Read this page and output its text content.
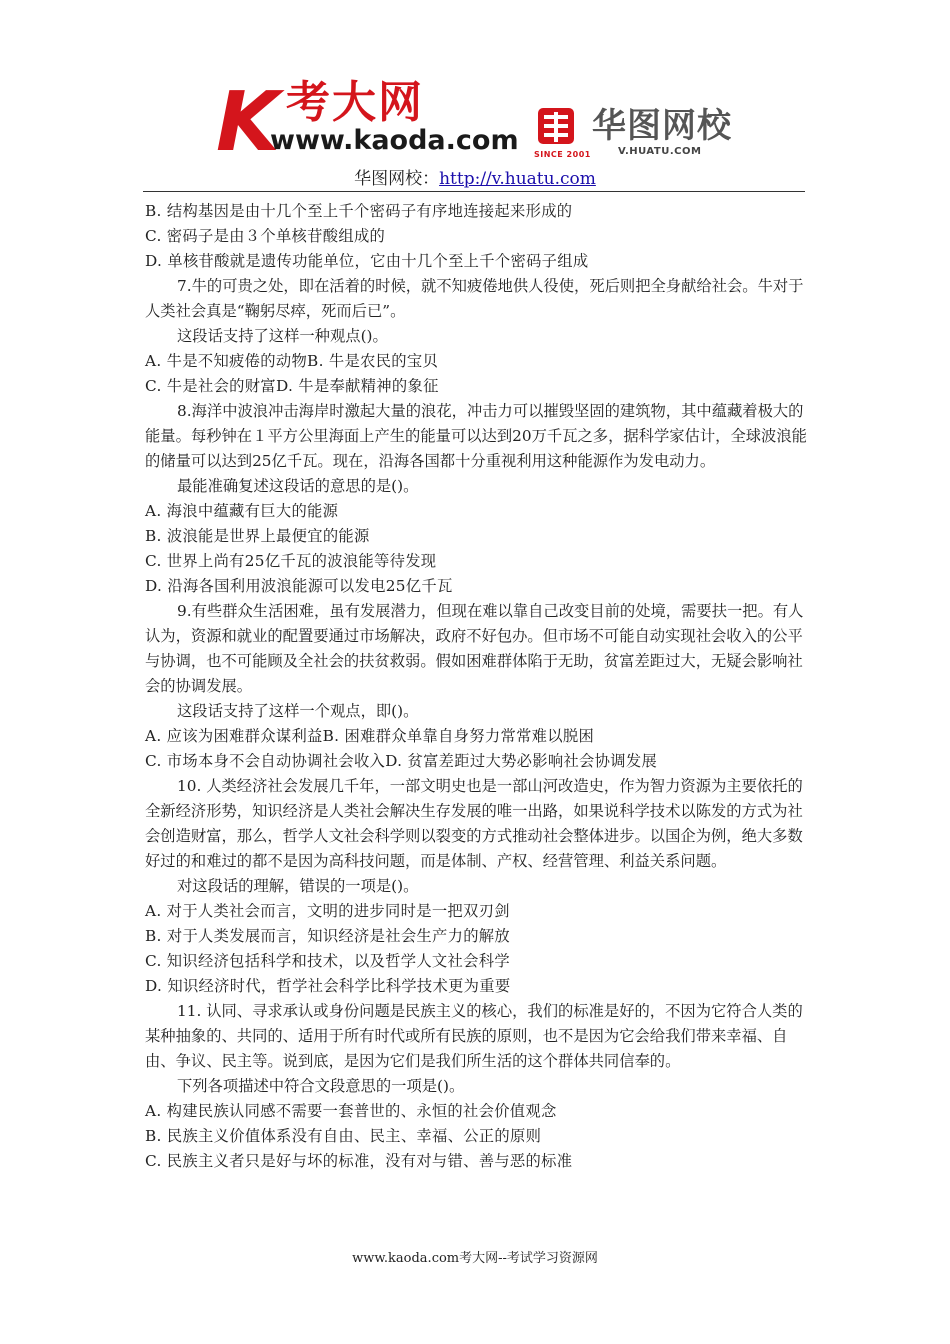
K 考大网
www.kaoda.com SINCE 2001
华图网校
V.HUATU.COM
华图网校：http://v.huatu.com

B. 结构基因是由十几个至上千个密码子有序地连接起来形成的

C. 密码子是由３个单核苷酸组成的

D. 单核苷酸就是遗传功能单位，它由十几个至上千个密码子组成

7.牛的可贵之处，即在活着的时候，就不知疲倦地供人役使，死后则把全身献给社会。牛对于人类社会真是“鞠躬尽瘁，死而后已”。

这段话支持了这样一种观点()。

A. 牛是不知疲倦的动物B. 牛是农民的宝贝

C. 牛是社会的财富D. 牛是奉献精神的象征

8.海洋中波浪冲击海岸时激起大量的浪花，冲击力可以摧毁坚固的建筑物，其中蕴藏着极大的能量。每秒钟在１平方公里海面上产生的能量可以达到20万千瓦之多，据科学家估计，全球波浪能的储量可以达到25亿千瓦。现在，沿海各国都十分重视利用这种能源作为发电动力。

最能准确复述这段话的意思的是()。

A. 海浪中蕴藏有巨大的能源

B. 波浪能是世界上最便宜的能源

C. 世界上尚有25亿千瓦的波浪能等待发现

D. 沿海各国利用波浪能源可以发电25亿千瓦

9.有些群众生活困难，虽有发展潜力，但现在难以靠自己改变目前的处境，需要扶一把。有人认为，资源和就业的配置要通过市场解决，政府不好包办。但市场不可能自动实现社会收入的公平与协调，也不可能顾及全社会的扶贫救弱。假如困难群体陷于无助，贫富差距过大，无疑会影响社会的协调发展。

这段话支持了这样一个观点，即()。

A. 应该为困难群众谋利益B. 困难群众单靠自身努力常常难以脱困

C. 市场本身不会自动协调社会收入D. 贫富差距过大势必影响社会协调发展

10. 人类经济社会发展几千年，一部文明史也是一部山河改造史，作为智力资源为主要依托的全新经济形势，知识经济是人类社会解决生存发展的唯一出路，如果说科学技术以陈发的方式为社会创造财富，那么，哲学人文社会科学则以裂变的方式推动社会整体进步。以国企为例，绝大多数好过的和难过的都不是因为高科技问题，而是体制、产权、经营管理、利益关系问题。

对这段话的理解，错误的一项是()。

A. 对于人类社会而言，文明的进步同时是一把双刃剑

B. 对于人类发展而言，知识经济是社会生产力的解放

C. 知识经济包括科学和技术，以及哲学人文社会科学

D. 知识经济时代，哲学社会科学比科学技术更为重要

11. 认同、寻求承认或身份问题是民族主义的核心，我们的标准是好的，不因为它符合人类的某种抽象的、共同的、适用于所有时代或所有民族的原则，也不是因为它会给我们带来幸福、自由、争议、民主等。说到底，是因为它们是我们所生活的这个群体共同信奉的。

下列各项描述中符合文段意思的一项是()。

A. 构建民族认同感不需要一套普世的、永恒的社会价值观念

B. 民族主义价值体系没有自由、民主、幸福、公正的原则

C. 民族主义者只是好与坏的标准，没有对与错、善与恶的标准

www.kaoda.com考大网--考试学习资源网
